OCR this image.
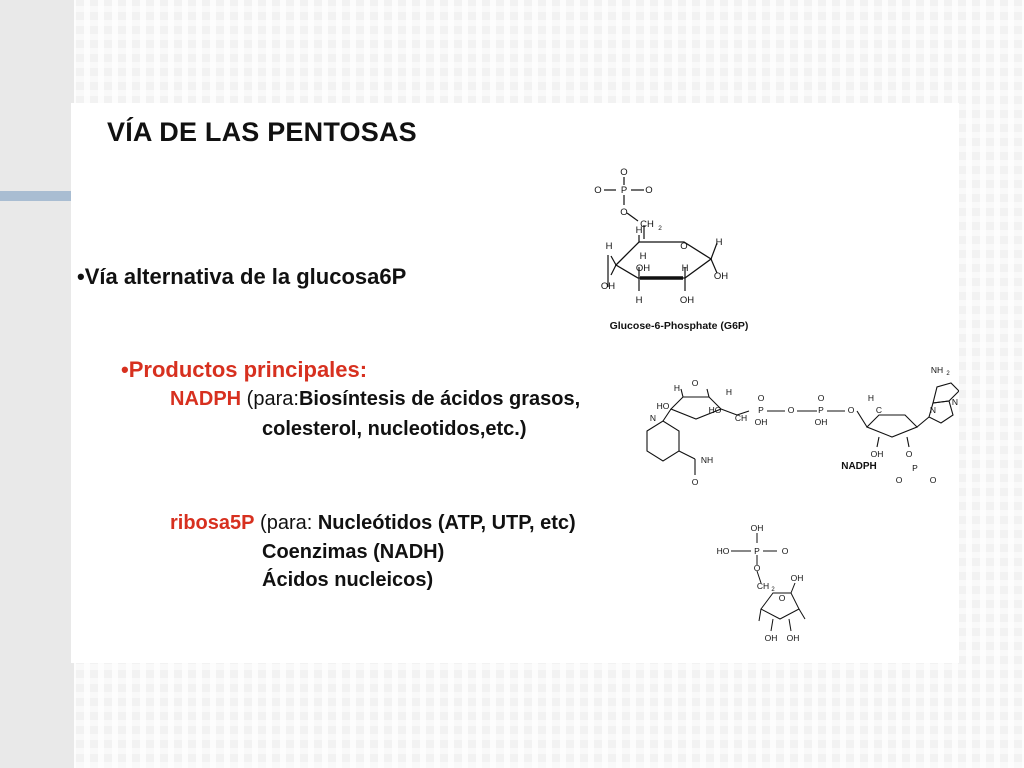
VÍA DE LAS PENTOSAS
•Vía alternativa de la glucosa6P
•Productos principales:
NADPH (para:Biosíntesis de ácidos grasos,
colesterol, nucleotidos,etc.)
ribosa5P (para: Nucleótidos (ATP, UTP, etc)
Coenzimas (NADH)
Ácidos nucleicos)
O
O P O
O
CH 2
H
H
O	H
H
OH	H
OH
OH
H	OH
Glucose-6-Phosphate (G6P)
NH 2
H O
H
HO	HO
CH
P
O
OH
O	P
O
OH
O
H
C
OH	O
P
O
O
N
N
N
NH
O
NADPH
OH
HO	P	O
O
CH 2
OH
O
OH OH
